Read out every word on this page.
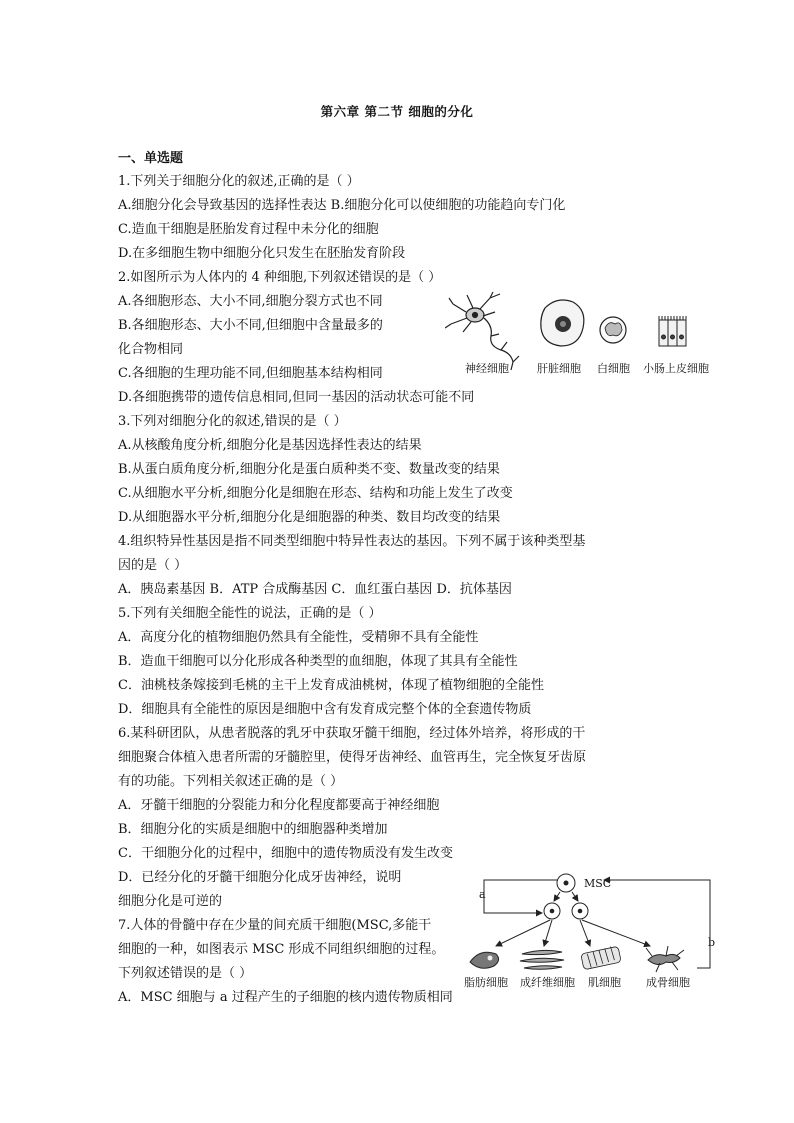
第六章 第二节 细胞的分化
一、单选题
1.下列关于细胞分化的叙述,正确的是（ ）
A.细胞分化会导致基因的选择性表达 B.细胞分化可以使细胞的功能趋向专门化
C.造血干细胞是胚胎发育过程中未分化的细胞
D.在多细胞生物中细胞分化只发生在胚胎发育阶段
2.如图所示为人体内的 4 种细胞,下列叙述错误的是（ ）
A.各细胞形态、大小不同,细胞分裂方式也不同
B.各细胞形态、大小不同,但细胞中含量最多的
化合物相同
C.各细胞的生理功能不同,但细胞基本结构相同
D.各细胞携带的遗传信息相同,但同一基因的活动状态可能不同
3.下列对细胞分化的叙述,错误的是（ ）
A.从核酸角度分析,细胞分化是基因选择性表达的结果
B.从蛋白质角度分析,细胞分化是蛋白质种类不变、数量改变的结果
C.从细胞水平分析,细胞分化是细胞在形态、结构和功能上发生了改变
D.从细胞器水平分析,细胞分化是细胞器的种类、数目均改变的结果
4.组织特异性基因是指不同类型细胞中特异性表达的基因。下列不属于该种类型基
因的是（ ）
A．胰岛素基因 B．ATP 合成酶基因 C．血红蛋白基因 D．抗体基因
5.下列有关细胞全能性的说法，正确的是（ ）
A．高度分化的植物细胞仍然具有全能性，受精卵不具有全能性
B．造血干细胞可以分化形成各种类型的血细胞，体现了其具有全能性
C．油桃枝条嫁接到毛桃的主干上发育成油桃树，体现了植物细胞的全能性
D．细胞具有全能性的原因是细胞中含有发育成完整个体的全套遗传物质
6.某科研团队，从患者脱落的乳牙中获取牙髓干细胞，经过体外培养，将形成的干
细胞聚合体植入患者所需的牙髓腔里，使得牙齿神经、血管再生，完全恢复牙齿原
有的功能。下列相关叙述正确的是（ ）
A．牙髓干细胞的分裂能力和分化程度都要高于神经细胞
B．细胞分化的实质是细胞中的细胞器种类增加
C．干细胞分化的过程中，细胞中的遗传物质没有发生改变
D．已经分化的牙髓干细胞分化成牙齿神经，说明
细胞分化是可逆的
7.人体的骨髓中存在少量的间充质干细胞(MSC,多能干
细胞的一种，如图表示 MSC 形成不同组织细胞的过程。
下列叙述错误的是（ ）
A．MSC 细胞与 a 过程产生的子细胞的核内遗传物质相同
神经细胞	肝脏细胞 白细胞 小肠上皮细胞
a
MSC
b
脂肪细胞 成纤维细胞 肌细胞 成骨细胞
